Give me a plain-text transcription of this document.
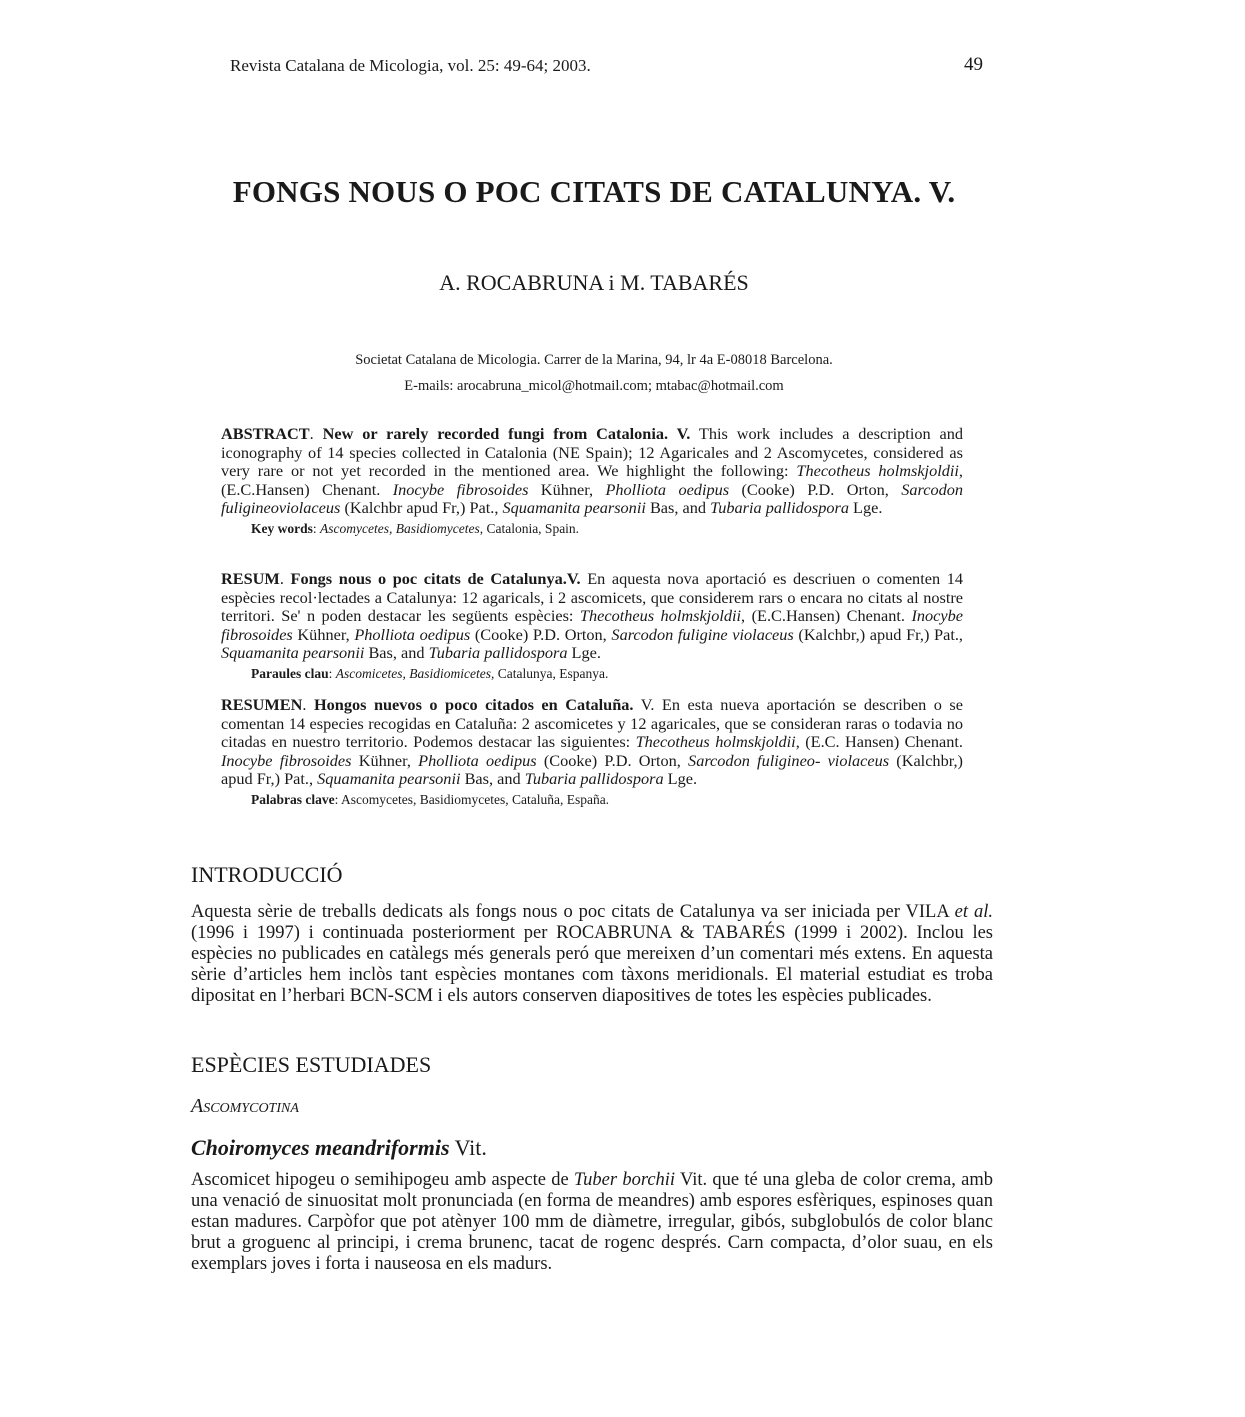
Revista Catalana de Micologia, vol. 25: 49-64; 2003.	49
FONGS NOUS O POC CITATS DE CATALUNYA. V.
A. ROCABRUNA i M. TABARÉS
Societat Catalana de Micologia. Carrer de la Marina, 94, lr 4a E-08018 Barcelona.
E-mails: arocabruna_micol@hotmail.com; mtabac@hotmail.com
ABSTRACT. New or rarely recorded fungi from Catalonia. V. This work includes a description and iconography of 14 species collected in Catalonia (NE Spain); 12 Agaricales and 2 Ascomycetes, considered as very rare or not yet recorded in the mentioned area. We highlight the following: Thecotheus holmskjoldii, (E.C.Hansen) Chenant. Inocybe fibrosoides Kühner, Pholliota oedipus (Cooke) P.D. Orton, Sarcodon fuligineoviolaceus (Kalchbr apud Fr,) Pat., Squamanita pearsonii Bas, and Tubaria pallidospora Lge.
Key words: Ascomycetes, Basidiomycetes, Catalonia, Spain.
RESUM. Fongs nous o poc citats de Catalunya.V. En aquesta nova aportació es descriuen o comenten 14 espècies recol·lectades a Catalunya: 12 agaricals, i 2 ascomicets, que considerem rars o encara no citats al nostre territori. Se' n poden destacar les següents espècies: Thecotheus holmskjoldii, (E.C.Hansen) Chenant. Inocybe fibrosoides Kühner, Pholliota oedipus (Cooke) P.D. Orton, Sarcodon fuligine violaceus (Kalchbr,) apud Fr,) Pat., Squamanita pearsonii Bas, and Tubaria pallidospora Lge.
Paraules clau: Ascomicetes, Basidiomicetes, Catalunya, Espanya.
RESUMEN. Hongos nuevos o poco citados en Cataluña. V. En esta nueva aportación se describen o se comentan 14 especies recogidas en Cataluña: 2 ascomicetes y 12 agaricales, que se consideran raras o todavia no citadas en nuestro territorio. Podemos destacar las siguientes: Thecotheus holmskjoldii, (E.C. Hansen) Chenant. Inocybe fibrosoides Kühner, Pholliota oedipus (Cooke) P.D. Orton, Sarcodon fuligineo- violaceus (Kalchbr,) apud Fr,) Pat., Squamanita pearsonii Bas, and Tubaria pallidospora Lge.
Palabras clave: Ascomycetes, Basidiomycetes, Cataluña, España.
INTRODUCCIÓ
Aquesta sèrie de treballs dedicats als fongs nous o poc citats de Catalunya va ser iniciada per VILA et al. (1996 i 1997) i continuada posteriorment per ROCABRUNA & TABARÉS (1999 i 2002). Inclou les espècies no publicades en catàlegs més generals peró que mereixen d’un comentari més extens. En aquesta sèrie d’articles hem inclòs tant espècies montanes com tàxons meridionals. El material estudiat es troba dipositat en l’herbari BCN-SCM i els autors conserven diapositives de totes les espècies publicades.
ESPÈCIES ESTUDIADES
Ascomycotina
Choiromyces meandriformis Vit.
Ascomicet hipogeu o semihipogeu amb aspecte de Tuber borchii Vit. que té una gleba de color crema, amb una venació de sinuositat molt pronunciada (en forma de meandres) amb espores esfèriques, espinoses quan estan madures. Carpòfor que pot atènyer 100 mm de diàmetre, irregular, gibós, subglobulós de color blanc brut a groguenc al principi, i crema brunenc, tacat de rogenc després. Carn compacta, d’olor suau, en els exemplars joves i forta i nauseosa en els madurs.
